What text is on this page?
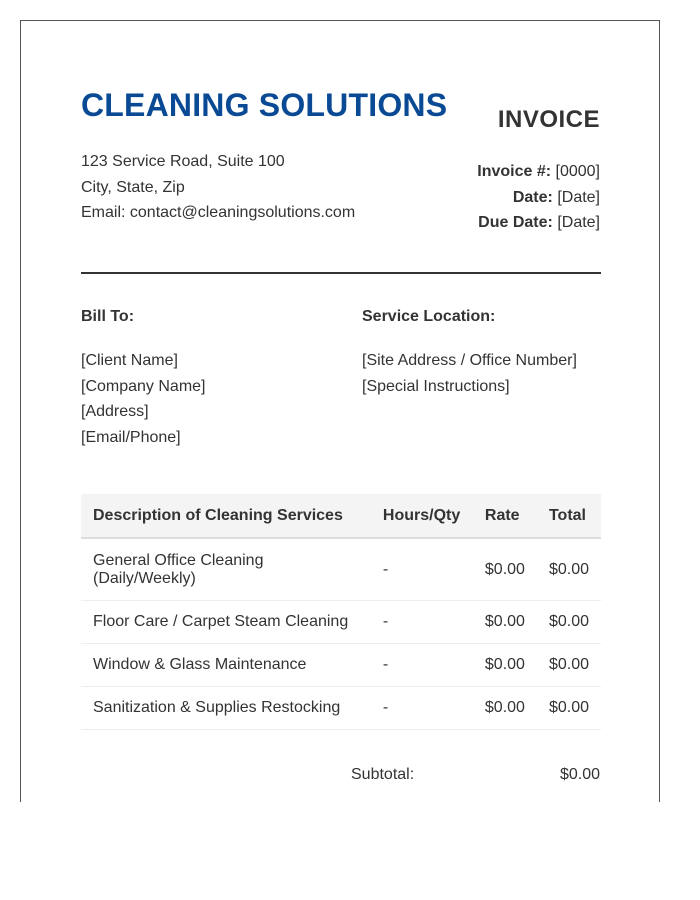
CLEANING SOLUTIONS
123 Service Road, Suite 100
City, State, Zip
Email: contact@cleaningsolutions.com
INVOICE
Invoice #: [0000]
Date: [Date]
Due Date: [Date]
Bill To:
[Client Name]
[Company Name]
[Address]
[Email/Phone]
Service Location:
[Site Address / Office Number]
[Special Instructions]
Description of Cleaning Services	Hours/Qty	Rate	Total
General Office Cleaning (Daily/Weekly)	-	$0.00	$0.00
Floor Care / Carpet Steam Cleaning	-	$0.00	$0.00
Window & Glass Maintenance	-	$0.00	$0.00
Sanitization & Supplies Restocking	-	$0.00	$0.00
Subtotal:	$0.00
